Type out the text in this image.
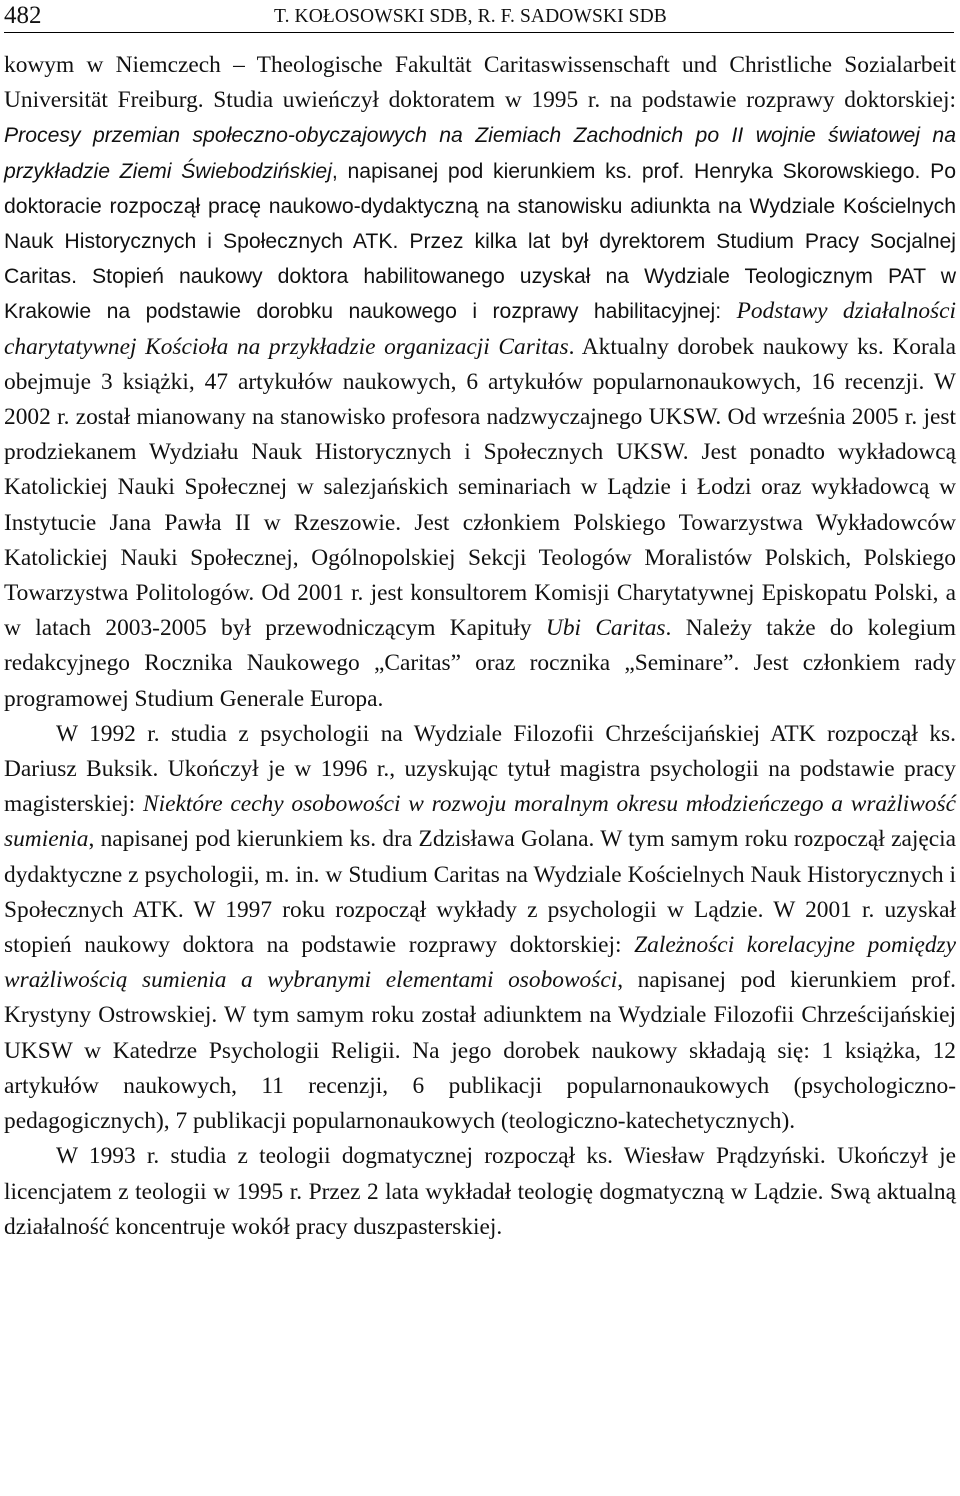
482	T. KOŁOSOWSKI SDB, R. F. SADOWSKI SDB

kowym w Niemczech – Theologische Fakultät Caritaswissenschaft und Christliche Sozialarbeit Universität Freiburg. Studia uwieńczył doktoratem w 1995 r. na podstawie rozprawy doktorskiej: Procesy przemian społeczno-obyczajowych na Ziemiach Zachodnich po II wojnie światowej na przykładzie Ziemi Świebodzińskiej, napisanej pod kierunkiem ks. prof. Henryka Skorowskiego. Po doktoracie rozpoczął pracę naukowo-dydaktyczną na stanowisku adiunkta na Wydziale Kościelnych Nauk Historycznych i Społecznych ATK. Przez kilka lat był dyrektorem Studium Pracy Socjalnej Caritas. Stopień naukowy doktora habilitowanego uzyskał na Wydziale Teologicznym PAT w Krakowie na podstawie dorobku naukowego i rozprawy habilitacyjnej: Podstawy działalności charytatywnej Kościoła na przykładzie organizacji Caritas. Aktualny dorobek naukowy ks. Korala obejmuje 3 książki, 47 artykułów naukowych, 6 artykułów popularnonaukowych, 16 recenzji. W 2002 r. został mianowany na stanowisko profesora nadzwyczajnego UKSW. Od września 2005 r. jest prodziekanem Wydziału Nauk Historycznych i Społecznych UKSW. Jest ponadto wykładowcą Katolickiej Nauki Społecznej w salezjańskich seminariach w Lądzie i Łodzi oraz wykładowcą w Instytucie Jana Pawła II w Rzeszowie. Jest członkiem Polskiego Towarzystwa Wykładowców Katolickiej Nauki Społecznej, Ogólnopolskiej Sekcji Teologów Moralistów Polskich, Polskiego Towarzystwa Politologów. Od 2001 r. jest konsultorem Komisji Charytatywnej Episkopatu Polski, a w latach 2003-2005 był przewodniczącym Kapituły Ubi Caritas. Należy także do kolegium redakcyjnego Rocznika Naukowego „Caritas” oraz rocznika „Seminare”. Jest członkiem rady programowej Studium Generale Europa.

W 1992 r. studia z psychologii na Wydziale Filozofii Chrześcijańskiej ATK rozpoczął ks. Dariusz Buksik. Ukończył je w 1996 r., uzyskując tytuł magistra psychologii na podstawie pracy magisterskiej: Niektóre cechy osobowości w rozwoju moralnym okresu młodzieńczego a wrażliwość sumienia, napisanej pod kierunkiem ks. dra Zdzisława Golana. W tym samym roku rozpoczął zajęcia dydaktyczne z psychologii, m. in. w Studium Caritas na Wydziale Kościelnych Nauk Historycznych i Społecznych ATK. W 1997 roku rozpoczął wykłady z psychologii w Lądzie. W 2001 r. uzyskał stopień naukowy doktora na podstawie rozprawy doktorskiej: Zależności korelacyjne pomiędzy wrażliwością sumienia a wybranymi elementami osobowości, napisanej pod kierunkiem prof. Krystyny Ostrowskiej. W tym samym roku został adiunktem na Wydziale Filozofii Chrześcijańskiej UKSW w Katedrze Psychologii Religii. Na jego dorobek naukowy składają się: 1 książka, 12 artykułów naukowych, 11 recenzji, 6 publikacji popularnonaukowych (psychologiczno-pedagogicznych), 7 publikacji popularnonaukowych (teologiczno-katechetycznych).

W 1993 r. studia z teologii dogmatycznej rozpoczął ks. Wiesław Prądzyński. Ukończył je licencjatem z teologii w 1995 r. Przez 2 lata wykładał teologię dogmatyczną w Lądzie. Swą aktualną działalność koncentruje wokół pracy duszpasterskiej.
